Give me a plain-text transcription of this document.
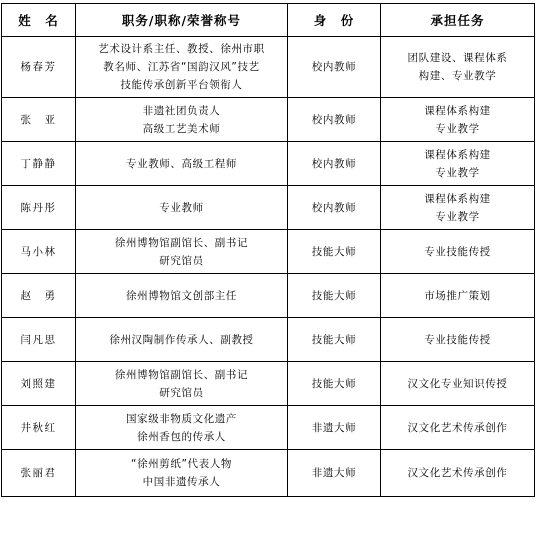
姓　名	职务/职称/荣誉称号	身　份	承担任务
杨春芳	艺术设计系主任、教授、徐州市职
教名师、江苏省“国韵汉风”技艺
技能传承创新平台领衔人	校内教师	团队建设、课程体系
构建、专业教学

张　亚	非遗社团负责人
高级工艺美术师	校内教师	课程体系构建
专业教学

丁静静	专业教师、高级工程师	校内教师	课程体系构建
专业教学

陈丹彤	专业教师	校内教师	课程体系构建
专业教学

马小林	徐州博物馆副馆长、副书记
研究馆员	技能大师	专业技能传授

赵　勇	徐州博物馆文创部主任	技能大师	市场推广策划

闫凡思	徐州汉陶制作传承人、副教授	技能大师	专业技能传授

刘照建	徐州博物馆副馆长、副书记
研究馆员	技能大师	汉文化专业知识传授

井秋红	国家级非物质文化遗产
徐州香包的传承人	非遗大师	汉文化艺术传承创作

张丽君	“徐州剪纸”代表人物
中国非遗传承人	非遗大师	汉文化艺术传承创作
